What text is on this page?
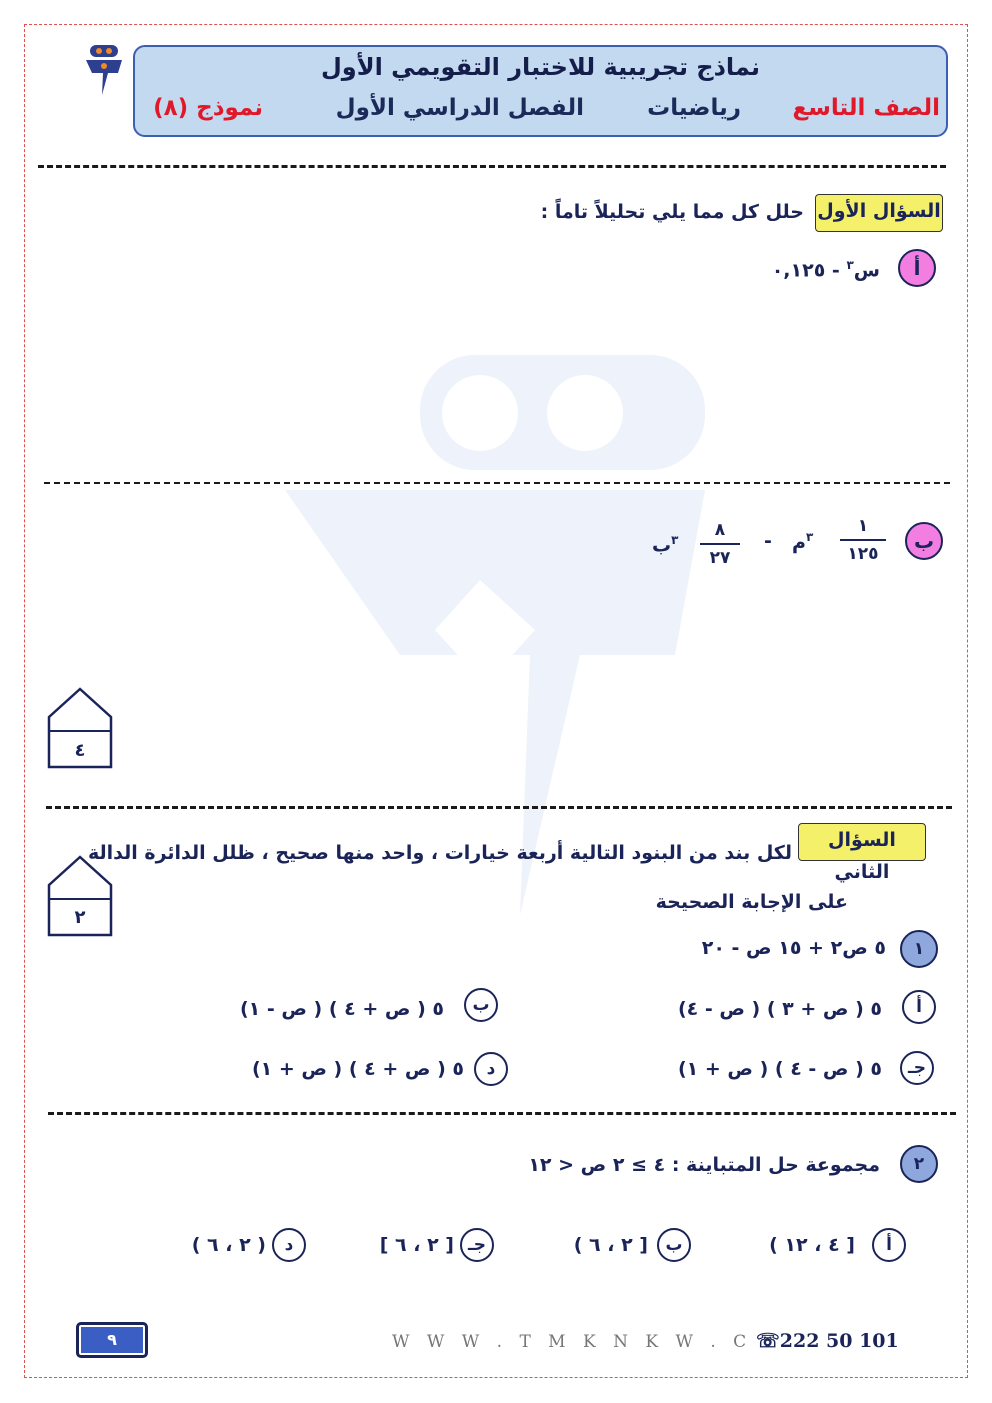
نماذج تجريبية للاختبار التقويمي الأول
الصف التاسع
رياضيات
الفصل الدراسي الأول
نموذج (٨)
السؤال الأول
حلل كل مما يلي تحليلاً تاماً :
أ
س$^٣$ - ٠,١٢٥
ب
١
١٢٥
$^٣$م
-
٨
٢٧
$^٣$ب
٤
السؤال الثاني
لكل بند من البنود التالية أربعة خيارات ، واحد منها صحيح ، ظلل الدائرة الدالة
على الإجابة الصحيحة
٢
١
٥ ص٢ + ١٥ ص - ٢٠
أ
٥ ( ص + ٣ ) ( ص - ٤)
ب
٥ ( ص + ٤ ) ( ص - ١)
جـ
٥ ( ص - ٤ ) ( ص + ١)
د
٥ ( ص + ٤ ) ( ص + ١)
٢
مجموعة حل المتباينة : ٤ ≥ ٢ ص < ١٢
أ
[ ٤ ، ١٢ )
ب
[ ٢ ، ٦ )
جـ
[ ٢ ، ٦ ]
د
( ٢ ، ٦ )
٩	W W W . T M K N K W . C ☏222 50 101
